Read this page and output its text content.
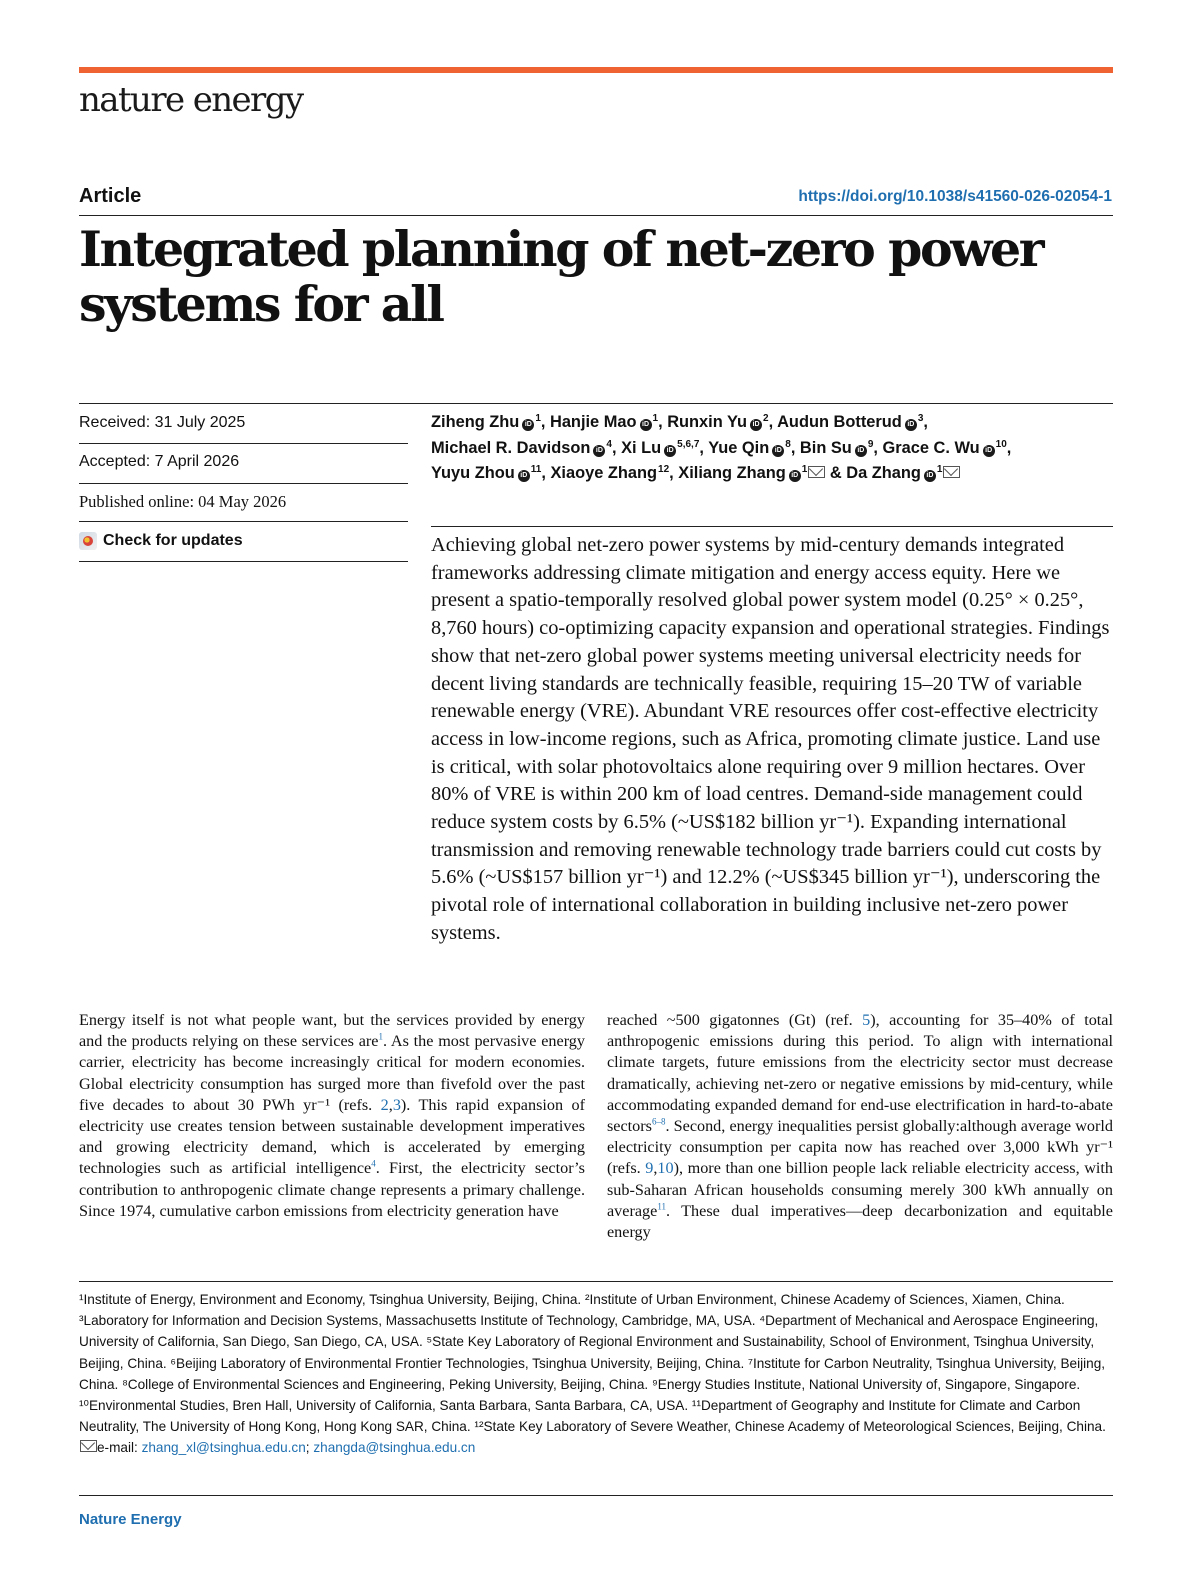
nature energy
Article	https://doi.org/10.1038/s41560-026-02054-1
Integrated planning of net-zero power
systems for all
Received: 31 July 2025
Accepted: 7 April 2026
Published online: 04 May 2026
Check for updates
Ziheng Zhu iD$^1$, Hanjie Mao iD$^1$, Runxin Yu iD$^2$, Audun Botterud iD$^3$,
Michael R. Davidson iD$^4$, Xi Lu iD$^{5,6,7}$, Yue Qin iD$^8$, Bin Su iD$^9$, Grace C. Wu iD$^{10}$,
Yuyu Zhou iD$^{11}$, Xiaoye Zhang$^{12}$, Xiliang Zhang iD$^1$ & Da Zhang iD$^1$

Achieving global net-zero power systems by mid-century demands integrated frameworks addressing climate mitigation and energy access equity. Here we present a spatio-temporally resolved global power system model (0.25° × 0.25°, 8,760 hours) co-optimizing capacity expansion and operational strategies. Findings show that net-zero global power systems meeting universal electricity needs for decent living standards are technically feasible, requiring 15–20 TW of variable renewable energy (VRE). Abundant VRE resources offer cost-effective electricity access in low-income regions, such as Africa, promoting climate justice. Land use is critical, with solar photovoltaics alone requiring over 9 million hectares. Over 80% of VRE is within 200 km of load centres. Demand-side management could reduce system costs by 6.5% (~US$182 billion yr⁻¹). Expanding international transmission and removing renewable technology trade barriers could cut costs by 5.6% (~US$157 billion yr⁻¹) and 12.2% (~US$345 billion yr⁻¹), underscoring the pivotal role of international collaboration in building inclusive net-zero power systems.

Energy itself is not what people want, but the services provided by energy and the products relying on these services are$^1$. As the most pervasive energy carrier, electricity has become increasingly critical for modern economies. Global electricity consumption has surged more than fivefold over the past five decades to about 30 PWh yr⁻¹ (refs. 2,3). This rapid expansion of electricity use creates tension between sustainable development imperatives and growing electricity demand, which is accelerated by emerging technologies such as artificial intelligence$^4$. First, the electricity sector’s contribution to anthropogenic climate change represents a primary challenge. Since 1974, cumulative carbon emissions from electricity generation have

reached ~500 gigatonnes (Gt) (ref. 5), accounting for 35–40% of total anthropogenic emissions during this period. To align with international climate targets, future emissions from the electricity sector must decrease dramatically, achieving net-zero or negative emissions by mid-century, while accommodating expanded demand for end-use electrification in hard-to-abate sectors$^{6-8}$. Second, energy inequalities persist globally:although average world electricity consumption per capita now has reached over 3,000 kWh yr⁻¹ (refs. 9,10), more than one billion people lack reliable electricity access, with sub-Saharan African households consuming merely 300 kWh annually on average$^{11}$. These dual imperatives—deep decarbonization and equitable energy

¹Institute of Energy, Environment and Economy, Tsinghua University, Beijing, China. ²Institute of Urban Environment, Chinese Academy of Sciences, Xiamen, China. ³Laboratory for Information and Decision Systems, Massachusetts Institute of Technology, Cambridge, MA, USA. ⁴Department of Mechanical and Aerospace Engineering, University of California, San Diego, San Diego, CA, USA. ⁵State Key Laboratory of Regional Environment and Sustainability, School of Environment, Tsinghua University, Beijing, China. ⁶Beijing Laboratory of Environmental Frontier Technologies, Tsinghua University, Beijing, China. ⁷Institute for Carbon Neutrality, Tsinghua University, Beijing, China. ⁸College of Environmental Sciences and Engineering, Peking University, Beijing, China. ⁹Energy Studies Institute, National University of, Singapore, Singapore. ¹⁰Environmental Studies, Bren Hall, University of California, Santa Barbara, Santa Barbara, CA, USA. ¹¹Department of Geography and Institute for Climate and Carbon Neutrality, The University of Hong Kong, Hong Kong SAR, China. ¹²State Key Laboratory of Severe Weather, Chinese Academy of Meteorological Sciences, Beijing, China.
e-mail: zhang_xl@tsinghua.edu.cn; zhangda@tsinghua.edu.cn

Nature Energy
